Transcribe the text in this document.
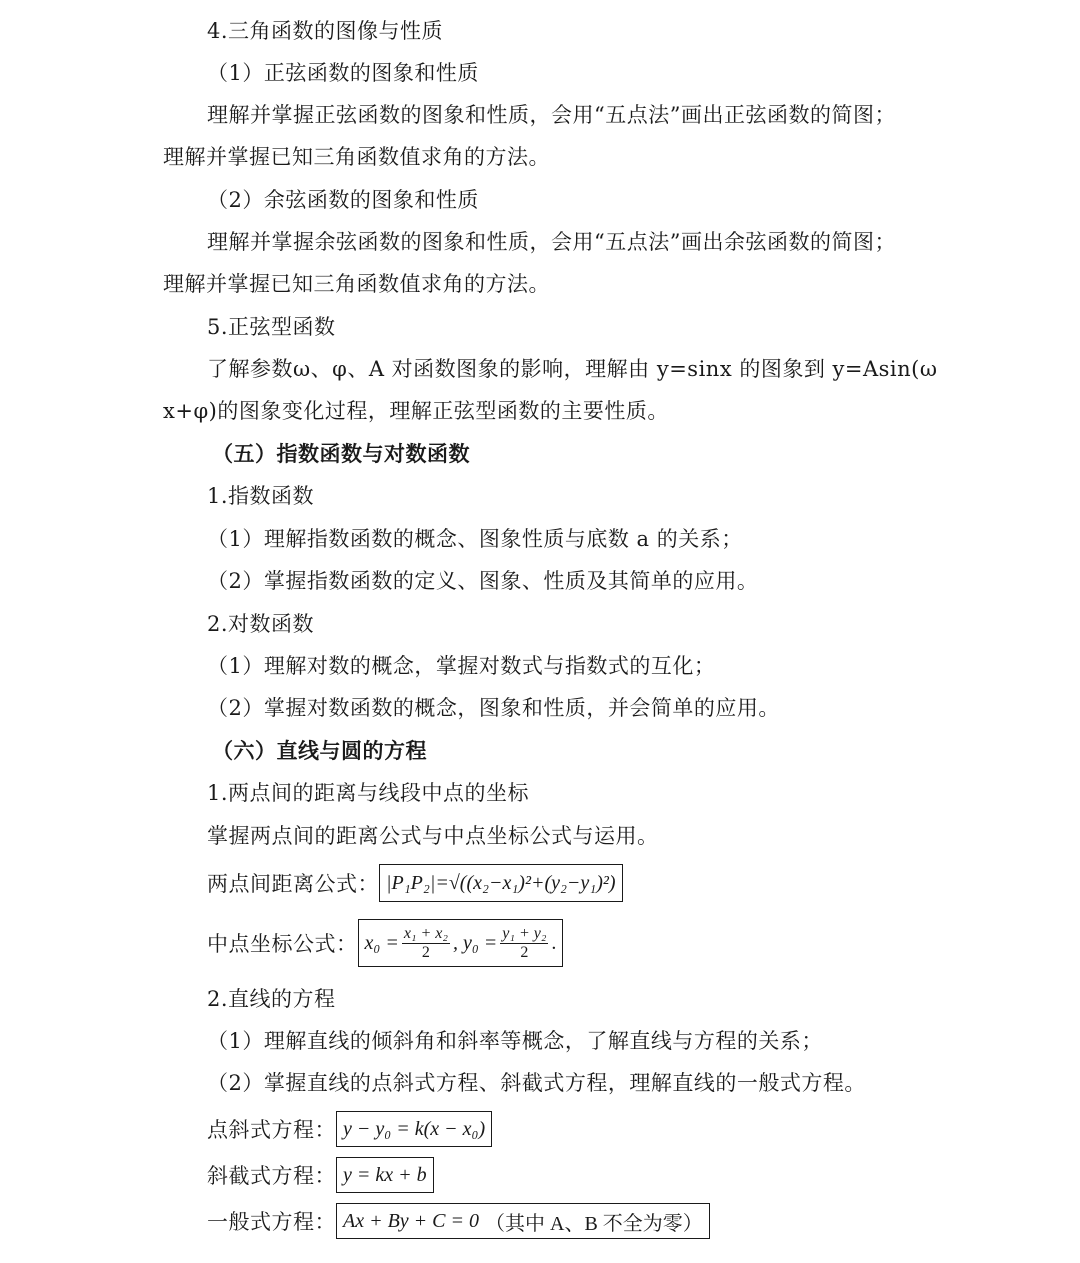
4.三角函数的图像与性质
（1）正弦函数的图象和性质
理解并掌握正弦函数的图象和性质，会用“五点法”画出正弦函数的简图；
理解并掌握已知三角函数值求角的方法。
（2）余弦函数的图象和性质
理解并掌握余弦函数的图象和性质，会用“五点法”画出余弦函数的简图；
理解并掌握已知三角函数值求角的方法。
5.正弦型函数
了解参数ω、φ、A 对函数图象的影响，理解由 y=sinx 的图象到 y=Asin(ω
x+φ)的图象变化过程，理解正弦型函数的主要性质。
（五）指数函数与对数函数
1.指数函数
（1）理解指数函数的概念、图象性质与底数 a 的关系；
（2）掌握指数函数的定义、图象、性质及其简单的应用。
2.对数函数
（1）理解对数的概念，掌握对数式与指数式的互化；
（2）掌握对数函数的概念，图象和性质，并会简单的应用。
（六）直线与圆的方程
1.两点间的距离与线段中点的坐标
掌握两点间的距离公式与中点坐标公式与运用。
两点间距离公式： |P₁P₂|=√((x₂−x₁)²+(y₂−y₁)²)
中点坐标公式： $x_0 = \frac{\text{x₁ + x₂}}{2}$ , $y_0 = \frac{\text{y₁ + y₂}}{2}$ .
2.直线的方程
（1）理解直线的倾斜角和斜率等概念，了解直线与方程的关系；
（2）掌握直线的点斜式方程、斜截式方程，理解直线的一般式方程。
点斜式方程： y − y₀ = k(x − x₀)
斜截式方程： y = kx + b
一般式方程： Ax + By + C = 0 （其中 A、B 不全为零）
